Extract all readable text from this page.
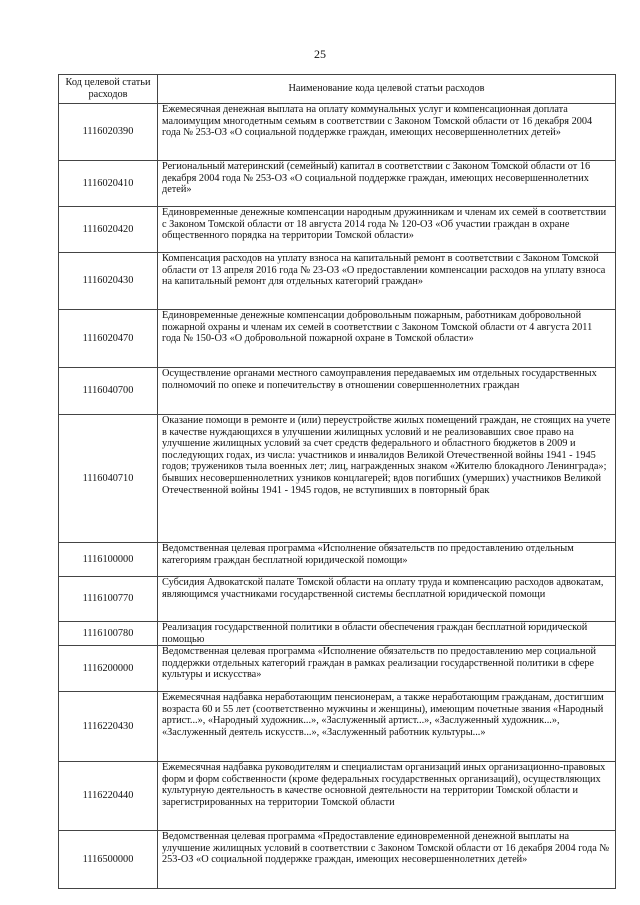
25
Код целевой статьи расходов	Наименование кода целевой статьи расходов
1116020390	Ежемесячная денежная выплата на оплату коммунальных услуг и компенсационная доплата малоимущим многодетным семьям в соответствии с Законом Томской области от 16 декабря 2004 года № 253-ОЗ «О социальной поддержке граждан, имеющих несовершеннолетних детей»
1116020410	Региональный материнский (семейный) капитал в соответствии с Законом Томской области от 16 декабря 2004 года № 253-ОЗ «О социальной поддержке граждан, имеющих несовершеннолетних детей»
1116020420	Единовременные денежные компенсации народным дружинникам и членам их семей в соответствии с Законом Томской области от 18 августа 2014 года № 120-ОЗ «Об участии граждан в охране общественного порядка на территории Томской области»
1116020430	Компенсация расходов на уплату взноса на капитальный ремонт в соответствии с Законом Томской области от 13 апреля 2016 года № 23-ОЗ «О предоставлении компенсации расходов на уплату взноса на капитальный ремонт для отдельных категорий граждан»
1116020470	Единовременные денежные компенсации добровольным пожарным, работникам добровольной пожарной охраны и членам их семей в соответствии с Законом Томской области от 4 августа 2011 года № 150-ОЗ «О добровольной пожарной охране в Томской области»
1116040700	Осуществление органами местного самоуправления передаваемых им отдельных государственных полномочий по опеке и попечительству в отношении совершеннолетних граждан
1116040710	Оказание помощи в ремонте и (или) переустройстве жилых помещений граждан, не стоящих на учете в качестве нуждающихся в улучшении жилищных условий и не реализовавших свое право на улучшение жилищных условий за счет средств федерального и областного бюджетов в 2009 и последующих годах, из числа: участников и инвалидов Великой Отечественной войны 1941 - 1945 годов; тружеников тыла военных лет; лиц, награжденных знаком «Жителю блокадного Ленинграда»; бывших несовершеннолетних узников концлагерей; вдов погибших (умерших) участников Великой Отечественной войны 1941 - 1945 годов, не вступивших в повторный брак
1116100000	Ведомственная целевая программа «Исполнение обязательств по предоставлению отдельным категориям граждан бесплатной юридической помощи»
1116100770	Субсидия Адвокатской палате Томской области на оплату труда и компенсацию расходов адвокатам, являющимся участниками государственной системы бесплатной юридической помощи
1116100780	Реализация государственной политики в области обеспечения граждан бесплатной юридической помощью
1116200000	Ведомственная целевая программа «Исполнение обязательств по предоставлению мер социальной поддержки отдельных категорий граждан в рамках реализации государственной политики в сфере культуры и искусства»
1116220430	Ежемесячная надбавка неработающим пенсионерам, а также неработающим гражданам, достигшим возраста 60 и 55 лет (соответственно мужчины и женщины), имеющим почетные звания «Народный артист...», «Народный художник...», «Заслуженный артист...», «Заслуженный художник...», «Заслуженный деятель искусств...», «Заслуженный работник культуры...»
1116220440	Ежемесячная надбавка руководителям и специалистам организаций иных организационно-правовых форм и форм собственности (кроме федеральных государственных организаций), осуществляющих культурную деятельность в качестве основной деятельности на территории Томской области и зарегистрированных на территории Томской области
1116500000	Ведомственная целевая программа «Предоставление единовременной денежной выплаты на улучшение жилищных условий в соответствии с Законом Томской области от 16 декабря 2004 года № 253-ОЗ «О социальной поддержке граждан, имеющих несовершеннолетних детей»
